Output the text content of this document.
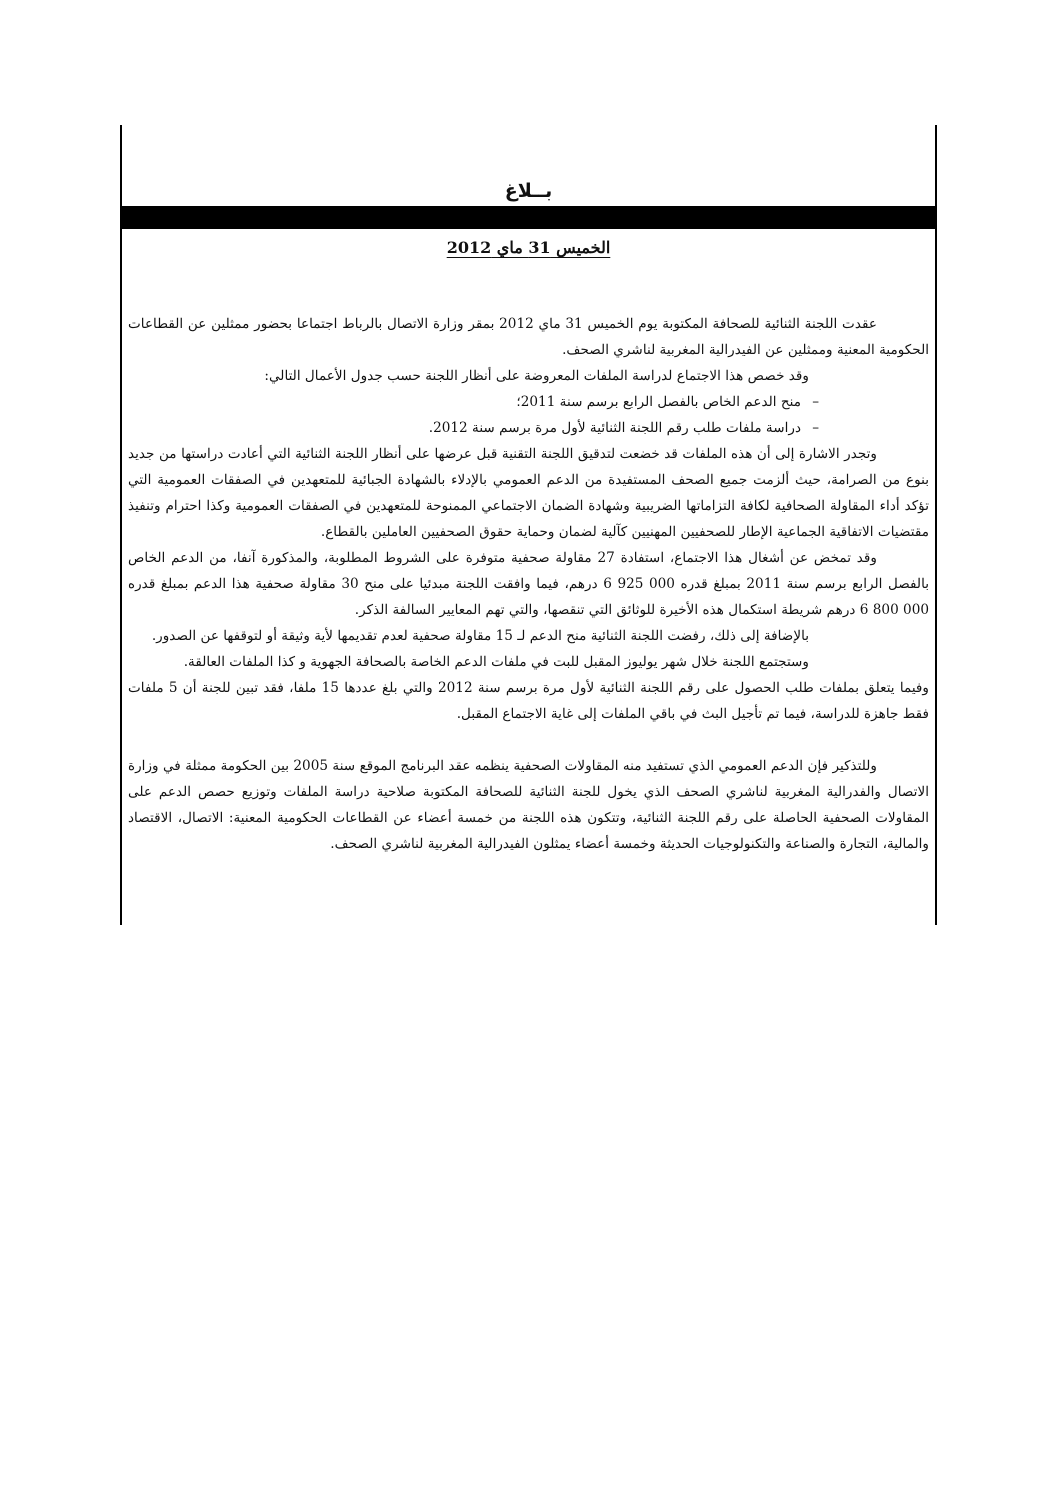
بــلاغ
الخميس 31 ماي 2012

عقدت اللجنة الثنائية للصحافة المكتوبة يوم الخميس 31 ماي 2012 بمقر وزارة الاتصال بالرباط اجتماعا بحضور ممثلين عن القطاعات الحكومية المعنية وممثلين عن الفيدرالية المغربية لناشري الصحف.

وقد خصص هذا الاجتماع لدراسة الملفات المعروضة على أنظار اللجنة حسب جدول الأعمال التالي:

–منح الدعم الخاص بالفصل الرابع برسم سنة 2011؛

–دراسة ملفات طلب رقم اللجنة الثنائية لأول مرة برسم سنة 2012.

وتجدر الاشارة إلى أن هذه الملفات قد خضعت لتدقيق اللجنة التقنية قبل عرضها على أنظار اللجنة الثنائية التي أعادت دراستها من جديد بنوع من الصرامة، حيث ألزمت جميع الصحف المستفيدة من الدعم العمومي بالإدلاء بالشهادة الجبائية للمتعهدين في الصفقات العمومية التي تؤكد أداء المقاولة الصحافية لكافة التزاماتها الضريبية وشهادة الضمان الاجتماعي الممنوحة للمتعهدين في الصفقات العمومية وكذا احترام وتنفيذ مقتضيات الاتفاقية الجماعية الإطار للصحفيين المهنيين كآلية لضمان وحماية حقوق الصحفيين العاملين بالقطاع.

وقد تمخض عن أشغال هذا الاجتماع، استفادة 27 مقاولة صحفية متوفرة على الشروط المطلوبة، والمذكورة آنفا، من الدعم الخاص بالفصل الرابع برسم سنة 2011 بمبلغ قدره 000 925 6 درهم، فيما وافقت اللجنة مبدئيا على منح 30 مقاولة صحفية هذا الدعم بمبلغ قدره 000 800 6 درهم شريطة استكمال هذه الأخيرة للوثائق التي تنقصها، والتي تهم المعايير السالفة الذكر.

بالإضافة إلى ذلك، رفضت اللجنة الثنائية منح الدعم لـ 15 مقاولة صحفية لعدم تقديمها لأية وثيقة أو لتوقفها عن الصدور.

وستجتمع اللجنة خلال شهر يوليوز المقبل للبت في ملفات الدعم الخاصة بالصحافة الجهوية و كذا الملفات العالقة.

وفيما يتعلق بملفات طلب الحصول على رقم اللجنة الثنائية لأول مرة برسم سنة 2012 والتي بلغ عددها 15 ملفا، فقد تبين للجنة أن 5 ملفات فقط جاهزة للدراسة، فيما تم تأجيل البث في باقي الملفات إلى غاية الاجتماع المقبل.

وللتذكير فإن الدعم العمومي الذي تستفيد منه المقاولات الصحفية ينظمه عقد البرنامج الموقع سنة 2005 بين الحكومة ممثلة في وزارة الاتصال والفدرالية المغربية لناشري الصحف الذي يخول للجنة الثنائية للصحافة المكتوبة صلاحية دراسة الملفات وتوزيع حصص الدعم على المقاولات الصحفية الحاصلة على رقم اللجنة الثنائية، وتتكون هذه اللجنة من خمسة أعضاء عن القطاعات الحكومية المعنية: الاتصال، الاقتصاد والمالية، التجارة والصناعة والتكنولوجيات الحديثة وخمسة أعضاء يمثلون الفيدرالية المغربية لناشري الصحف.
